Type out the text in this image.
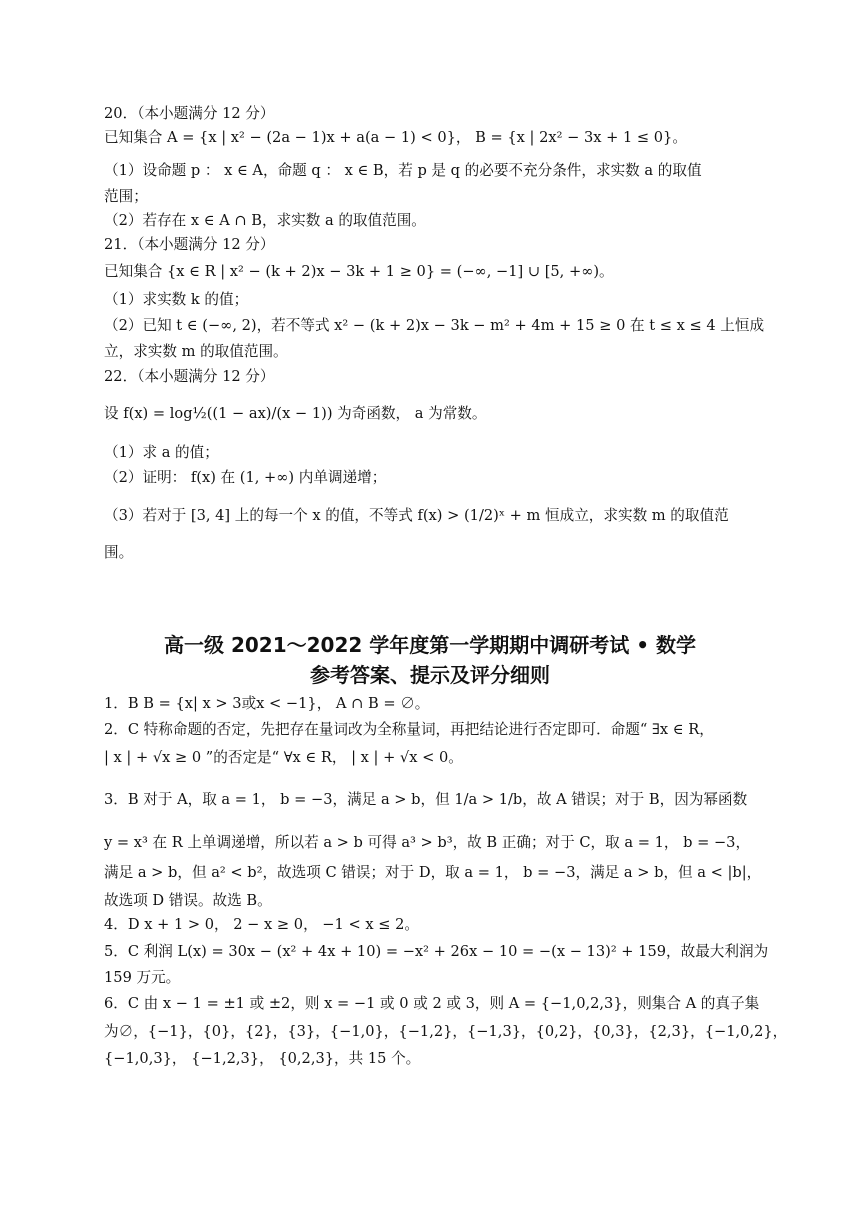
20．（本小题满分 12 分）
已知集合 A = {x | x² − (2a − 1)x + a(a − 1) < 0}， B = {x | 2x² − 3x + 1 ≤ 0}。
（1）设命题 p ： x ∈ A，命题 q ： x ∈ B，若 p 是 q 的必要不充分条件，求实数 a 的取值
范围；
（2）若存在 x ∈ A ∩ B，求实数 a 的取值范围。
21．（本小题满分 12 分）
已知集合 {x ∈ R | x² − (k + 2)x − 3k + 1 ≥ 0} = (−∞, −1] ∪ [5, +∞)。
（1）求实数 k 的值；
（2）已知 t ∈ (−∞, 2)，若不等式 x² − (k + 2)x − 3k − m² + 4m + 15 ≥ 0 在 t ≤ x ≤ 4 上恒成
立，求实数 m 的取值范围。
22．（本小题满分 12 分）
设 f(x) = log½((1 − ax)/(x − 1)) 为奇函数， a 为常数。
（1）求 a 的值；
（2）证明： f(x) 在 (1, +∞) 内单调递增；
（3）若对于 [3, 4] 上的每一个 x 的值，不等式 f(x) > (1/2)ˣ + m 恒成立，求实数 m 的取值范
围。
高一级 2021～2022 学年度第一学期期中调研考试 • 数学
参考答案、提示及评分细则
1．B B = {x| x > 3或x < −1}， A ∩ B = ∅。
2．C 特称命题的否定，先把存在量词改为全称量词，再把结论进行否定即可．命题“ ∃x ∈ R，
| x | + √x ≥ 0 ”的否定是“ ∀x ∈ R， | x | + √x < 0。
3．B 对于 A，取 a = 1， b = −3，满足 a > b，但 1/a > 1/b，故 A 错误；对于 B，因为幂函数
y = x³ 在 R 上单调递增，所以若 a > b 可得 a³ > b³，故 B 正确；对于 C，取 a = 1， b = −3，
满足 a > b，但 a² < b²，故选项 C 错误；对于 D，取 a = 1， b = −3，满足 a > b，但 a < |b|，
故选项 D 错误。故选 B。
4．D x + 1 > 0， 2 − x ≥ 0， −1 < x ≤ 2。
5．C 利润 L(x) = 30x − (x² + 4x + 10) = −x² + 26x − 10 = −(x − 13)² + 159，故最大利润为
159 万元。
6．C 由 x − 1 = ±1 或 ±2，则 x = −1 或 0 或 2 或 3，则 A = {−1,0,2,3}，则集合 A 的真子集
为∅，{−1}，{0}，{2}，{3}，{−1,0}，{−1,2}，{−1,3}，{0,2}，{0,3}，{2,3}，{−1,0,2}，
{−1,0,3}， {−1,2,3}， {0,2,3}，共 15 个。
